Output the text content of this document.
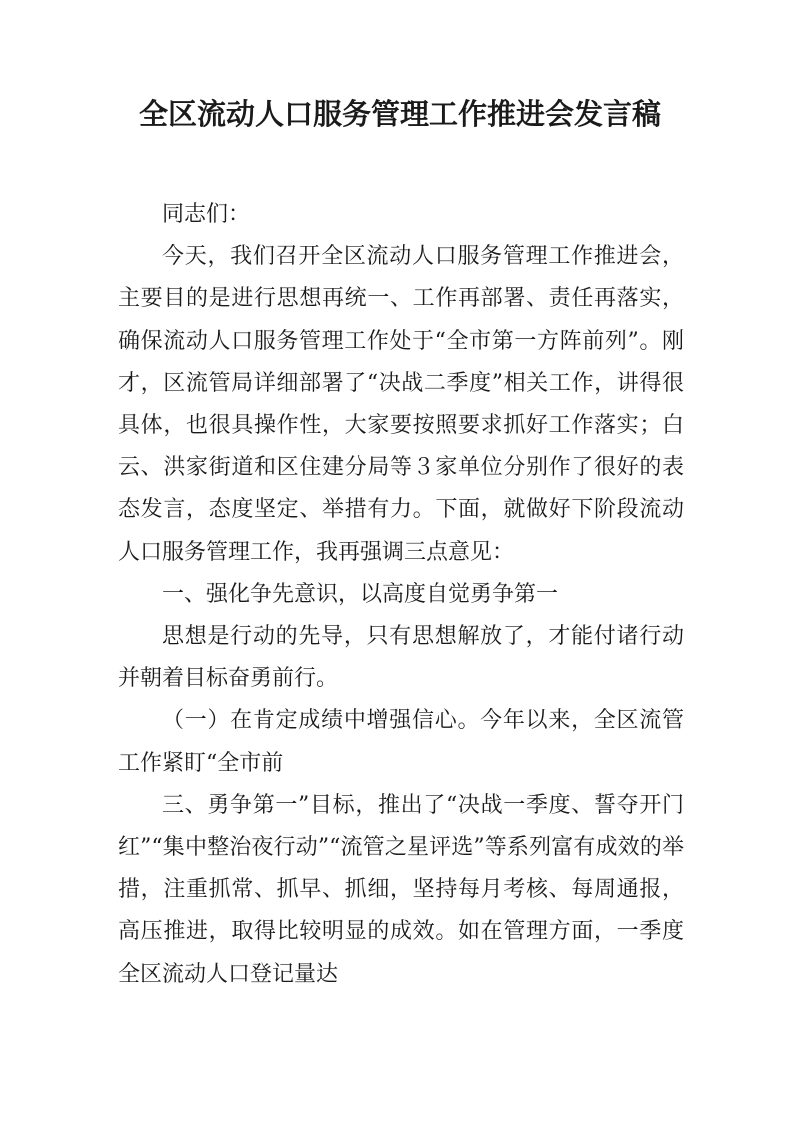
全区流动人口服务管理工作推进会发言稿

同志们：

今天，我们召开全区流动人口服务管理工作推进会，主要目的是进行思想再统一、工作再部署、责任再落实，确保流动人口服务管理工作处于“全市第一方阵前列”。刚才，区流管局详细部署了“决战二季度”相关工作，讲得很具体，也很具操作性，大家要按照要求抓好工作落实；白云、洪家街道和区住建分局等３家单位分别作了很好的表态发言，态度坚定、举措有力。下面，就做好下阶段流动人口服务管理工作，我再强调三点意见：

一、强化争先意识，以高度自觉勇争第一

思想是行动的先导，只有思想解放了，才能付诸行动并朝着目标奋勇前行。

（一）在肯定成绩中增强信心。今年以来，全区流管工作紧盯“全市前

三、勇争第一”目标，推出了“决战一季度、誓夺开门红”“集中整治夜行动”“流管之星评选”等系列富有成效的举措，注重抓常、抓早、抓细，坚持每月考核、每周通报，高压推进，取得比较明显的成效。如在管理方面，一季度全区流动人口登记量达
